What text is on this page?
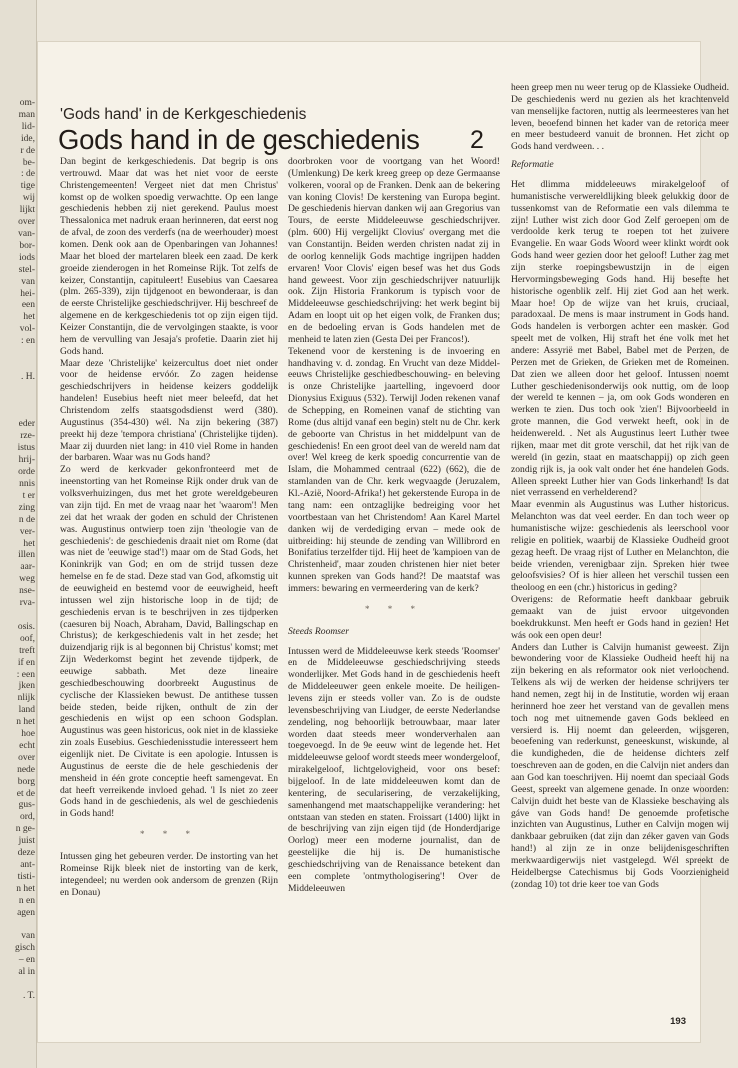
om-
man
lid-
ide,
r de
be-
: de
tige
wij
lijkt
over
van-
bor-
iods
stel-
van
hei-
een
het
vol-
: en

. H.

eder
rze-
istus
hrij-
orde
nnis
t er
zing
n de
ver-
het
illen
aar-
weg
nse-
rva-

osis.
oof,
treft
if en
: een
jken
nlijk
land
n het
hoe
echt
over
nede
borg
et de
gus-
ord,
n ge-
juist
deze
ant-
tisti-
n het
n en
agen

van
gisch
– en
al in

. T.
'Gods hand' in de Kerkgeschiedenis
Gods hand in de geschiedenis 2

Dan begint de kerkgeschiedenis. Dat begrip is ons vertrouwd. Maar dat was het niet voor de eerste Christengemeenten! Vergeet niet dat men Christus' komst op de wolken spoedig verwachtte. Op een lange geschiedenis hebben zij niet gerekend. Paulus moest Thessalonica met nadruk eraan herinneren, dat eerst nog de afval, de zoon des verderfs (na de weerhouder) moest komen. Denk ook aan de Openbaringen van Johannes! Maar het bloed der martelaren bleek een zaad. De kerk groeide zienderogen in het Romeinse Rijk. Tot zelfs de keizer, Constantijn, capituleert! Eusebius van Caesarea (plm. 265-339), zijn tijdgenoot en bewonderaar, is dan de eerste Christelijke geschiedschrijver. Hij beschreef de algemene en de kerkgeschiedenis tot op zijn eigen tijd. Keizer Constantijn, die de vervolgingen staakte, is voor hem de vervulling van Jesaja's profetie. Daarin ziet hij Gods hand.

Maar deze 'Christelijke' keizercultus doet niet onder voor de heidense ervóór. Zo zagen heidense geschiedschrijvers in heidense keizers goddelijk handelen! Eusebius heeft niet meer beleefd, dat het Christendom zelfs staatsgodsdienst werd (380). Augustinus (354-430) wél. Na zijn bekering (387) preekt hij deze 'tempora christiana' (Christelijke tijden). Maar zij duurden niet lang: in 410 viel Rome in handen der barbaren. Waar was nu Gods hand?

Zo werd de kerkvader gekonfronteerd met de ineenstorting van het Romeinse Rijk onder druk van de volksverhuizingen, dus met het grote wereldgebeuren van zijn tijd. En met de vraag naar het 'waarom'! Men zei dat het wraak der goden en schuld der Christenen was. Augustinus ontwierp toen zijn 'theologie van de geschiedenis': de geschiedenis draait niet om Rome (dat was niet de 'eeuwige stad'!) maar om de Stad Gods, het Koninkrijk van God; en om de strijd tussen deze hemelse en fe de stad. Deze stad van God, afkomstig uit de eeuwigheid en bestemd voor de eeuwigheid, heeft intussen wel zijn historische loop in de tijd; de geschiedenis ervan is te beschrijven in zes tijdperken (caesuren bij Noach, Abraham, David, Ballingschap en Christus); de kerkgeschiedenis valt in het zesde; het duizendjarig rijk is al begonnen bij Christus' komst; met Zijn Wederkomst begint het zevende tijdperk, de eeuwige sabbath. Met deze lineaire geschiedbeschouwing doorbreekt Augustinus de cyclische der Klassieken bewust. De antithese tussen beide steden, beide rijken, onthult de zin der geschiedenis en wijst op een schoon Godsplan. Augustinus was geen historicus, ook niet in de klassieke zin zoals Eusebius. Geschiedenisstudie interesseert hem eigenlijk niet. De Civitate is een apologie. Intussen is Augustinus de eerste die de hele geschiedenis der mensheid in één grote conceptie heeft samengevat. En dat heeft verreikende invloed gehad. 'l Is niet zo zeer Gods hand in de geschiedenis, als wel de geschiedenis in Gods hand!

* * *

Intussen ging het gebeuren verder. De instorting van het Romeinse Rijk bleek niet de instorting van de kerk, integendeel; nu werden ook andersom de grenzen (Rijn en Donau)

doorbroken voor de voortgang van het Woord! (Umlenkung) De kerk kreeg greep op deze Germaanse volkeren, vooral op de Franken. Denk aan de bekering van koning Clovis! De kerstening van Europa begint. De geschiedenis hiervan danken wij aan Gregorius van Tours, de eerste Middeleeuwse geschiedschrijver. (plm. 600) Hij vergelijkt Clovius' overgang met die van Constantijn. Beiden werden christen nadat zij in de oorlog kennelijk Gods machtige ingrijpen hadden ervaren! Voor Clovis' eigen besef was het dus Gods hand geweest. Voor zijn geschiedschrijver natuurlijk ook. Zijn Historia Frankorum is typisch voor de Middeleeuwse geschiedschrijving: het werk begint bij Adam en loopt uit op het eigen volk, de Franken dus; en de bedoeling ervan is Gods handelen met de menheid te laten zien (Gesta Dei per Francos!).

Tekenend voor de kerstening is de invoering en handhaving v. d. zondag. En Vrucht van deze Middel-eeuws Christelijke geschiedbeschouwing- en beleving is onze Christelijke jaartelling, ingevoerd door Dionysius Exiguus (532). Terwijl Joden rekenen vanaf de Schepping, en Romeinen vanaf de stichting van Rome (dus altijd vanaf een begin) stelt nu de Chr. kerk de geboorte van Christus in het middelpunt van de geschiedenis! En een groot deel van de wereld nam dat over! Wel kreeg de kerk spoedig concurrentie van de Islam, die Mohammed centraal (622) (662), die de stamlanden van de Chr. kerk wegvaagde (Jeruzalem, Kl.-Azië, Noord-Afrika!) het gekerstende Europa in de tang nam: een ontzaglijke bedreiging voor het voortbestaan van het Christendom! Aan Karel Martel danken wij de verdediging ervan – mede ook de uitbreiding: hij steunde de zending van Willibrord en Bonifatius terzelfder tijd. Hij heet de 'kampioen van de Christenheid', maar zouden christenen hier niet beter kunnen spreken van Gods hand?! De maatstaf was immers: bewaring en vermeerdering van de kerk?

* * *
Steeds Roomser

Intussen werd de Middeleeuwse kerk steeds 'Roomser' en de Middeleeuwse geschiedschrijving steeds wonderlijker. Met Gods hand in de geschiedenis heeft de Middeleeuwer geen enkele moeite. De heiligen-levens zijn er steeds voller van. Zo is de oudste levensbeschrijving van Liudger, de eerste Nederlandse zendeling, nog behoorlijk betrouwbaar, maar later worden daat steeds meer wonderverhalen aan toegevoegd. In de 9e eeuw wint de legende het. Het middeleeuwse geloof wordt steeds meer wondergeloof, mirakelgeloof, lichtgelovigheid, voor ons besef: bijgeloof. In de late middeleeuwen komt dan de kentering, de secularisering, de verzakelijking, samenhangend met maatschappelijke verandering: het ontstaan van steden en staten. Froissart (1400) lijkt in de beschrijving van zijn eigen tijd (de Honderdjarige Oorlog) meer een moderne journalist, dan de geestelijke die hij is. De humanistische geschiedschrijving van de Renaissance betekent dan een complete 'ontmythologisering'! Over de Middeleeuwen

heen greep men nu weer terug op de Klassieke Oudheid. De geschiedenis werd nu gezien als het krachtenveld van menselijke factoren, nuttig als leermeesteres van het leven, beoefend binnen het kader van de retorica meer en meer bestudeerd vanuit de bronnen. Het zicht op Gods hand verdween. . .

Reformatie

Het dlimma middeleeuws mirakelgeloof of humanistische verwereldlijking bleek gelukkig door de tussenkomst van de Reformatie een vals dilemma te zijn! Luther wist zich door God Zelf geroepen om de verdoolde kerk terug te roepen tot het zuivere Evangelie. En waar Gods Woord weer klinkt wordt ook Gods hand weer gezien door het geloof! Luther zag met zijn sterke roepingsbewustzijn in de eigen Hervormingsbeweging Gods hand. Hij besefte het historische ogenblik zelf. Hij ziet God aan het werk. Maar hoe! Op de wijze van het kruis, cruciaal, paradoxaal. De mens is maar instrument in Gods hand. Gods handelen is verborgen achter een masker. God speelt met de volken, Hij straft het éne volk met het andere: Assyrië met Babel, Babel met de Perzen, de Perzen met de Grieken, de Grieken met de Romeinen. Dat zien we alleen door het geloof. Intussen noemt Luther geschiedenisonderwijs ook nuttig, om de loop der wereld te kennen – ja, om ook Gods wonderen en werken te zien. Dus toch ook 'zien'! Bijvoorbeeld in grote mannen, die God verwekt heeft, ook in de heidenwereld. . Net als Augustinus leert Luther twee rijken, maar met dit grote verschil, dat het rijk van de wereld (in gezin, staat en maatschappij) op zich geen zondig rijk is, ja ook valt onder het éne handelen Gods. Alleen spreekt Luther hier van Gods linkerhand! Is dat niet verrassend en verhelderend?

Maar evenmin als Augustinus was Luther historicus. Melanchton was dat veel eerder. En dan toch weer op humanistische wijze: geschiedenis als leerschool voor religie en politiek, waarbij de Klassieke Oudheid groot gezag heeft. De vraag rijst of Luther en Melanchton, die beide vrienden, verenigbaar zijn. Spreken hier twee geloofsvisies? Of is hier alleen het verschil tussen een theoloog en een (chr.) historicus in geding?

Overigens: de Reformatie heeft dankbaar gebruik gemaakt van de juist ervoor uitgevonden boekdrukkunst. Men heeft er Gods hand in gezien! Het wás ook een open deur!

Anders dan Luther is Calvijn humanist geweest. Zijn bewondering voor de Klassieke Oudheid heeft hij na zijn bekering en als reformator ook niet verloochend. Telkens als wij de werken der heidense schrijvers ter hand nemen, zegt hij in de Institutie, worden wij eraan herinnerd hoe zeer het verstand van de gevallen mens toch nog met uitnemende gaven Gods bekleed en versierd is. Hij noemt dan geleerden, wijsgeren, beoefening van rederkunst, geneeskunst, wiskunde, al die kundigheden, die de heidense dichters zelf toeschreven aan de goden, en die Calvijn niet anders dan aan God kan toeschrijven. Hij noemt dan speciaal Gods Geest, spreekt van algemene genade. In onze woorden: Calvijn duidt het beste van de Klassieke beschaving als gáve van Gods hand! De genoemde profetische inzichten van Augustinus, Luther en Calvijn mogen wij dankbaar gebruiken (dat zijn dan zéker gaven van Gods hand!) al zijn ze in onze belijdenisgeschriften merkwaardigerwijs niet vastgelegd. Wél spreekt de Heidelbergse Catechismus bij Gods Voorzienigheid (zondag 10) tot drie keer toe van Gods

193
